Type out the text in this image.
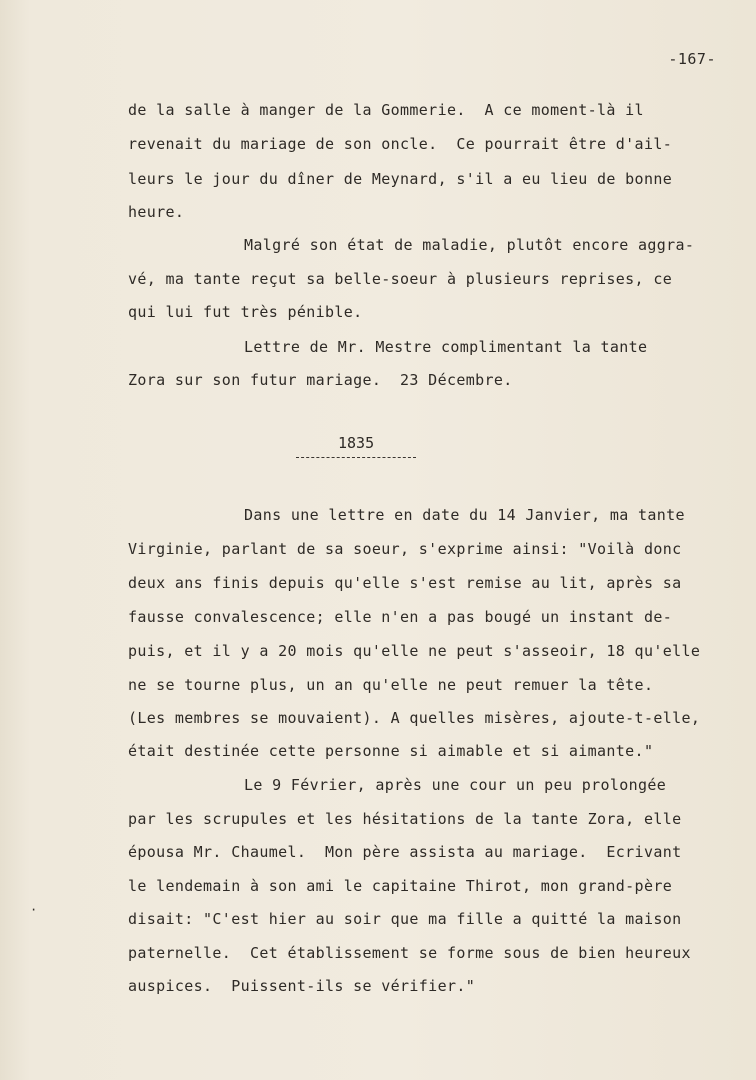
-167-
de la salle à manger de la Gommerie.  A ce moment-là il
revenait du mariage de son oncle.  Ce pourrait être d'ail-
leurs le jour du dîner de Meynard, s'il a eu lieu de bonne
heure.
Malgré son état de maladie, plutôt encore aggra-
vé, ma tante reçut sa belle-soeur à plusieurs reprises, ce
qui lui fut très pénible.
Lettre de Mr. Mestre complimentant la tante
Zora sur son futur mariage.  23 Décembre.
1835
Dans une lettre en date du 14 Janvier, ma tante
Virginie, parlant de sa soeur, s'exprime ainsi: "Voilà donc
deux ans finis depuis qu'elle s'est remise au lit, après sa
fausse convalescence; elle n'en a pas bougé un instant de-
puis, et il y a 20 mois qu'elle ne peut s'asseoir, 18 qu'elle
ne se tourne plus, un an qu'elle ne peut remuer la tête.
(Les membres se mouvaient). A quelles misères, ajoute-t-elle,
était destinée cette personne si aimable et si aimante."
Le 9 Février, après une cour un peu prolongée
par les scrupules et les hésitations de la tante Zora, elle
épousa Mr. Chaumel.  Mon père assista au mariage.  Ecrivant
le lendemain à son ami le capitaine Thirot, mon grand-père
disait: "C'est hier au soir que ma fille a quitté la maison
paternelle.  Cet établissement se forme sous de bien heureux
auspices.  Puissent-ils se vérifier."
·
